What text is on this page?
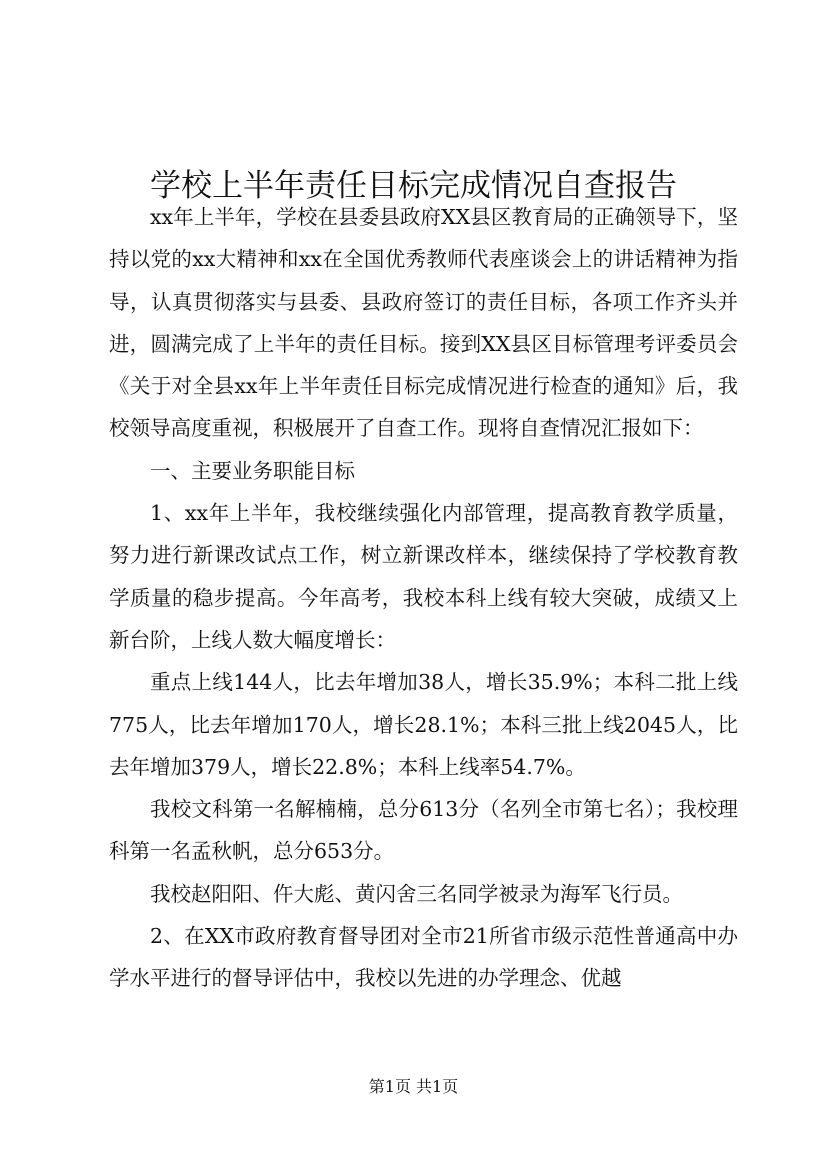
学校上半年责任目标完成情况自查报告

xx年上半年，学校在县委县政府XX县区教育局的正确领导下，坚持以党的xx大精神和xx在全国优秀教师代表座谈会上的讲话精神为指导，认真贯彻落实与县委、县政府签订的责任目标，各项工作齐头并进，圆满完成了上半年的责任目标。接到XX县区目标管理考评委员会《关于对全县xx年上半年责任目标完成情况进行检查的通知》后，我校领导高度重视，积极展开了自查工作。现将自查情况汇报如下：

一、主要业务职能目标

1、xx年上半年，我校继续强化内部管理，提高教育教学质量，努力进行新课改试点工作，树立新课改样本，继续保持了学校教育教学质量的稳步提高。今年高考，我校本科上线有较大突破，成绩又上新台阶，上线人数大幅度增长：

重点上线144人，比去年增加38人，增长35.9%；本科二批上线775人，比去年增加170人，增长28.1%；本科三批上线2045人，比去年增加379人，增长22.8%；本科上线率54.7%。

我校文科第一名解楠楠，总分613分（名列全市第七名）；我校理科第一名孟秋帆，总分653分。

我校赵阳阳、仵大彪、黄闪舍三名同学被录为海军飞行员。

2、在XX市政府教育督导团对全市21所省市级示范性普通高中办学水平进行的督导评估中，我校以先进的办学理念、优越

第1页 共1页
